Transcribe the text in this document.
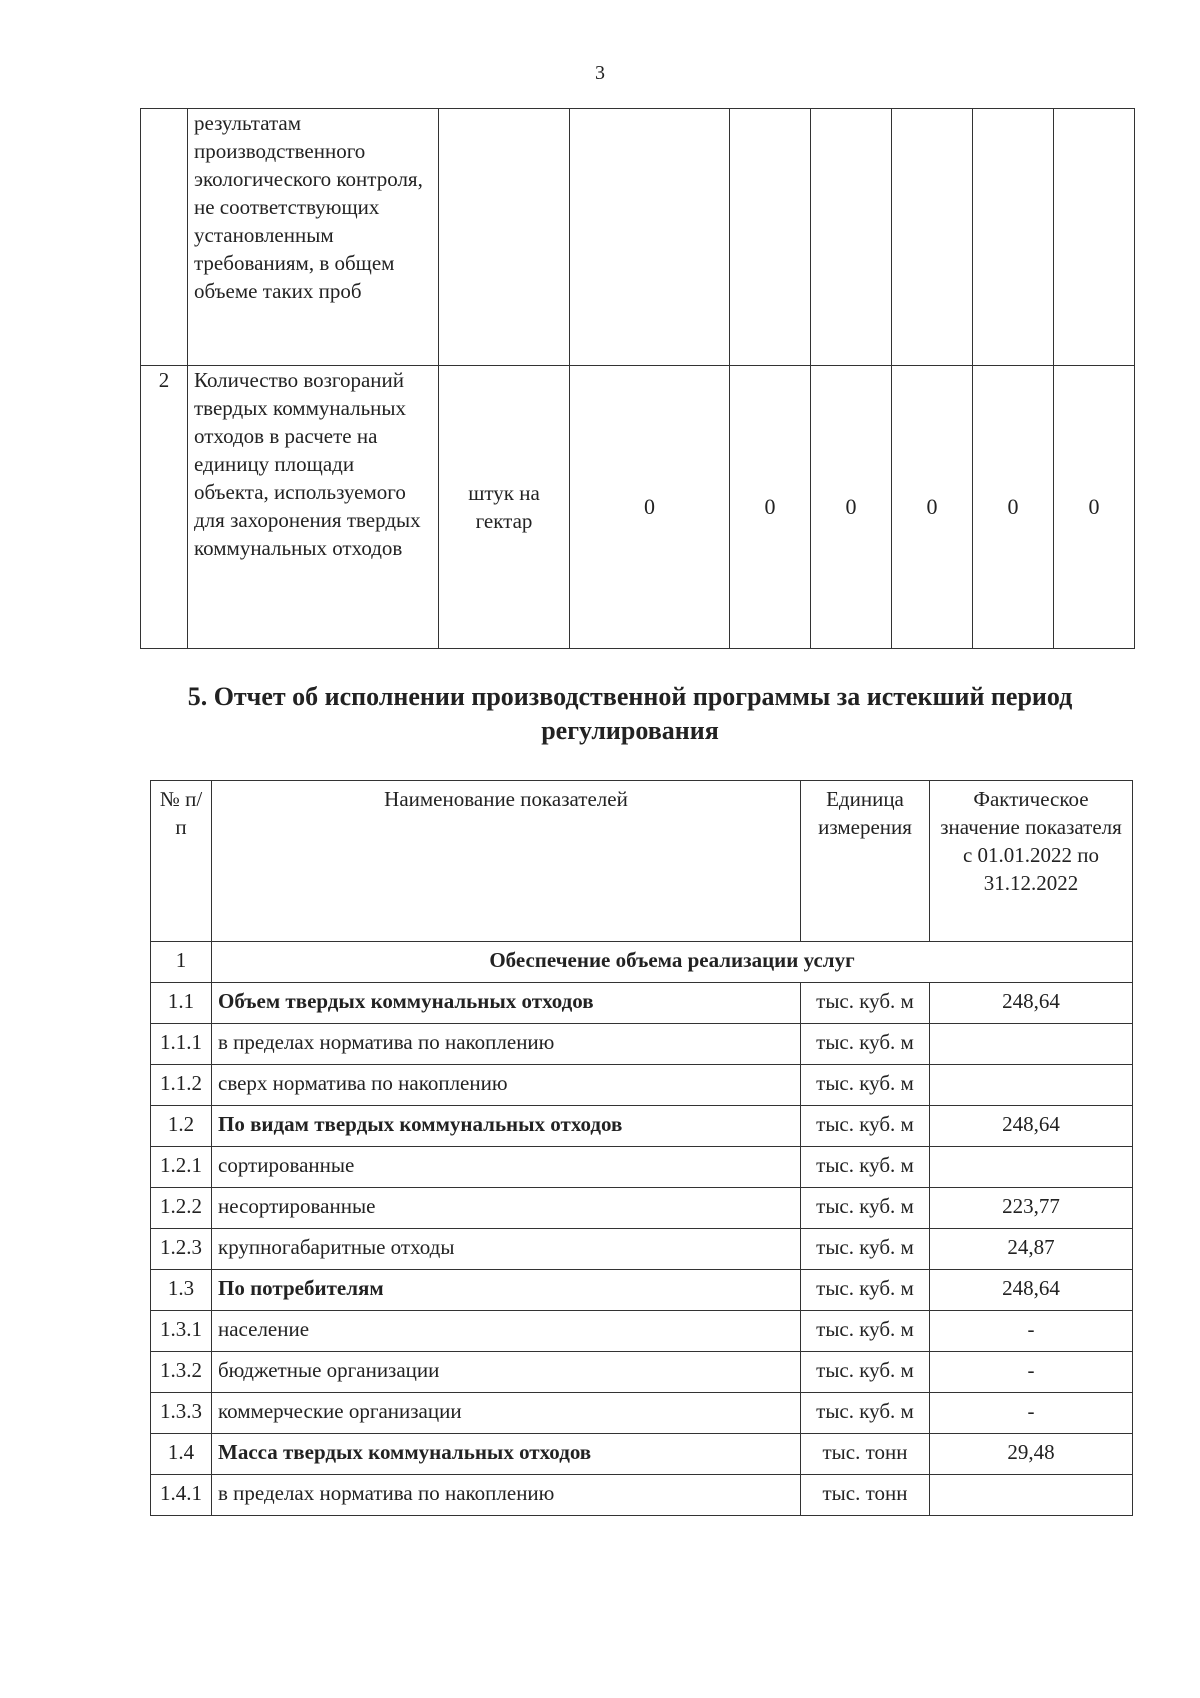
3
	результатам производственного экологического контроля, не соответствующих установленным требованиям, в общем объеме таких проб							
2	Количество возгораний твердых коммунальных отходов в расчете на единицу площади объекта, используемого для захоронения твердых коммунальных отходов	штук на гектар	0	0	0	0	0	0
5. Отчет об исполнении производственной программы за истекший период регулирования
№ п/п	Наименование показателей	Единица измерения	Фактическое значение показателя с 01.01.2022 по 31.12.2022
1	Обеспечение объема реализации услуг		
1.1	Объем твердых коммунальных отходов	тыс. куб. м	248,64
1.1.1	в пределах норматива по накоплению	тыс. куб. м	
1.1.2	сверх норматива по накоплению	тыс. куб. м	
1.2	По видам твердых коммунальных отходов	тыс. куб. м	248,64
1.2.1	сортированные	тыс. куб. м	
1.2.2	несортированные	тыс. куб. м	223,77
1.2.3	крупногабаритные отходы	тыс. куб. м	24,87
1.3	По потребителям	тыс. куб. м	248,64
1.3.1	население	тыс. куб. м	-
1.3.2	бюджетные организации	тыс. куб. м	-
1.3.3	коммерческие организации	тыс. куб. м	-
1.4	Масса твердых коммунальных отходов	тыс. тонн	29,48
1.4.1	в пределах норматива по накоплению	тыс. тонн	
